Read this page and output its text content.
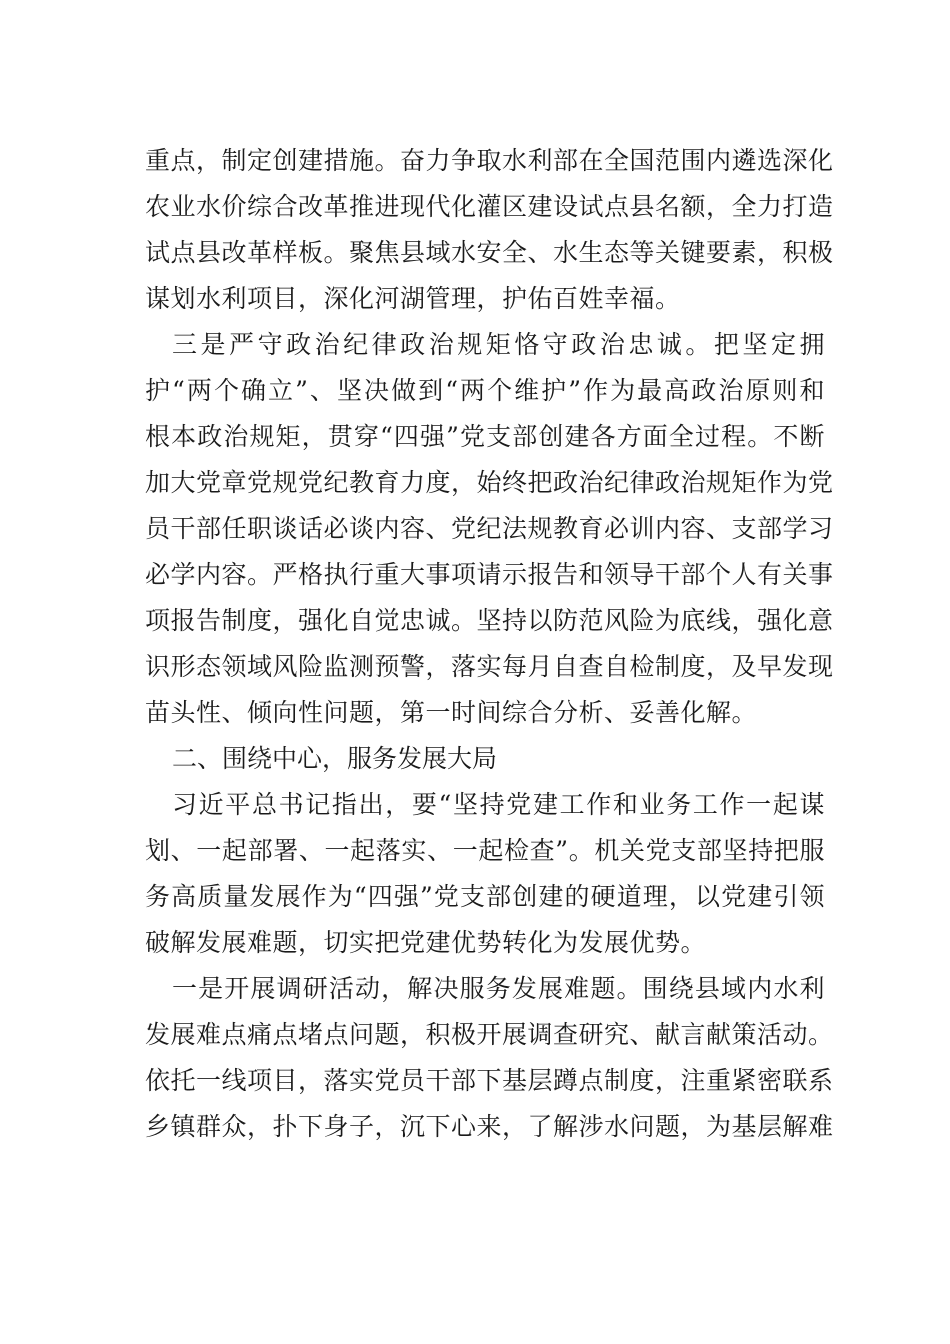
重点，制定创建措施。奋力争取水利部在全国范围内遴选深化
农业水价综合改革推进现代化灌区建设试点县名额，全力打造
试点县改革样板。聚焦县域水安全、水生态等关键要素，积极
谋划水利项目，深化河湖管理，护佑百姓幸福。
三是严守政治纪律政治规矩恪守政治忠诚。把坚定拥
护“两个确立”、坚决做到“两个维护”作为最高政治原则和
根本政治规矩，贯穿“四强”党支部创建各方面全过程。不断
加大党章党规党纪教育力度，始终把政治纪律政治规矩作为党
员干部任职谈话必谈内容、党纪法规教育必训内容、支部学习
必学内容。严格执行重大事项请示报告和领导干部个人有关事
项报告制度，强化自觉忠诚。坚持以防范风险为底线，强化意
识形态领域风险监测预警，落实每月自查自检制度，及早发现
苗头性、倾向性问题，第一时间综合分析、妥善化解。
二、围绕中心，服务发展大局
习近平总书记指出，要“坚持党建工作和业务工作一起谋
划、一起部署、一起落实、一起检查”。机关党支部坚持把服
务高质量发展作为“四强”党支部创建的硬道理，以党建引领
破解发展难题，切实把党建优势转化为发展优势。
一是开展调研活动，解决服务发展难题。围绕县域内水利
发展难点痛点堵点问题，积极开展调查研究、献言献策活动。
依托一线项目，落实党员干部下基层蹲点制度，注重紧密联系
乡镇群众，扑下身子，沉下心来，了解涉水问题，为基层解难
